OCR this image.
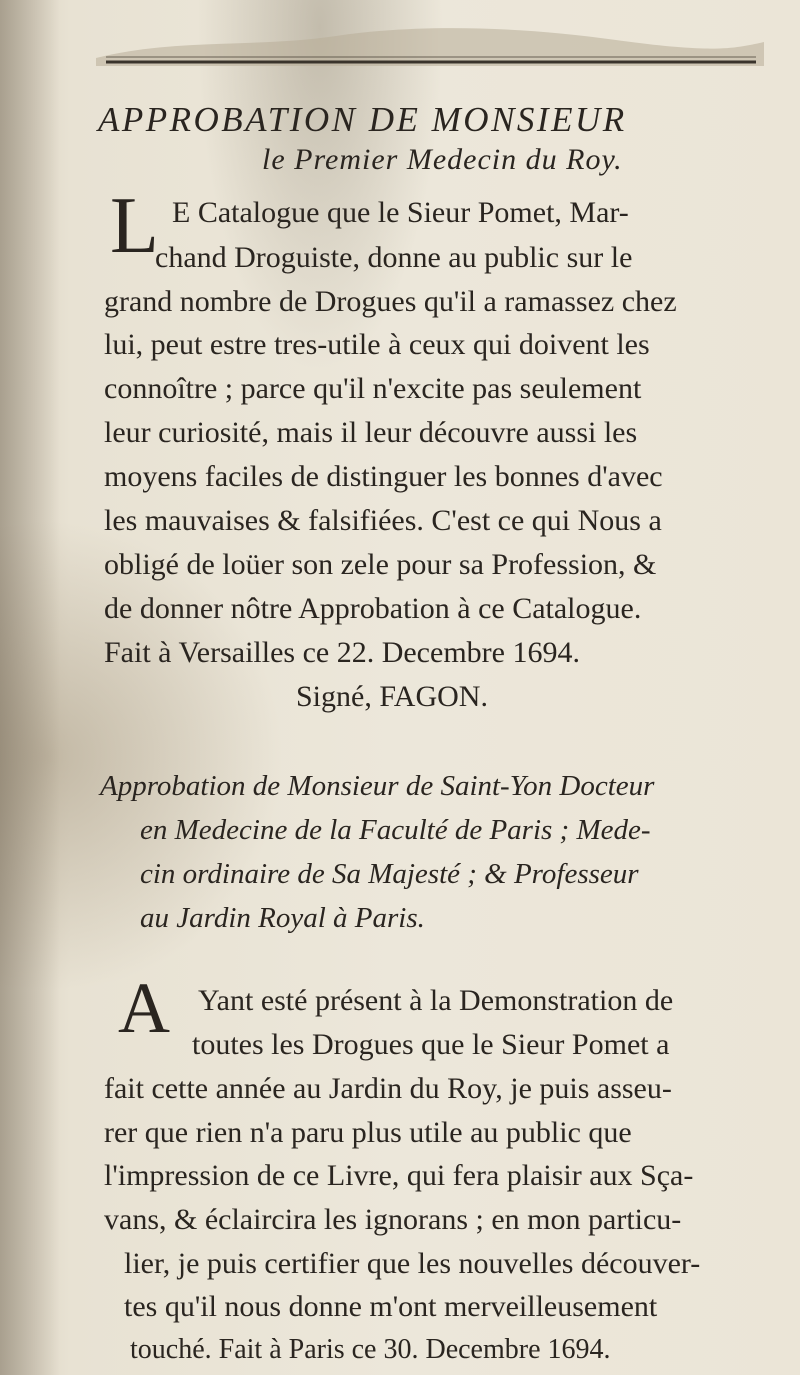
APPROBATION DE MONSIEUR
le Premier Medecin du Roy.
L E Catalogue que le Sieur Pomet, Mar-
chand Droguiste, donne au public sur le
grand nombre de Drogues qu'il a ramassez chez
lui, peut estre tres-utile à ceux qui doivent les
connoître ; parce qu'il n'excite pas seulement
leur curiosité, mais il leur découvre aussi les
moyens faciles de distinguer les bonnes d'avec
les mauvaises & falsifiées. C'est ce qui Nous a
obligé de loüer son zele pour sa Profession, &
de donner nôtre Approbation à ce Catalogue.
Fait à Versailles ce 22. Decembre 1694.
Signé, FAGON.
Approbation de Monsieur de Saint-Yon Docteur
en Medecine de la Faculté de Paris ; Mede-
cin ordinaire de Sa Majesté ; & Professeur
au Jardin Royal à Paris.
A Yant esté présent à la Demonstration de
toutes les Drogues que le Sieur Pomet a
fait cette année au Jardin du Roy, je puis asseu-
rer que rien n'a paru plus utile au public que
l'impression de ce Livre, qui fera plaisir aux Sça-
vans, & éclaircira les ignorans ; en mon particu-
lier, je puis certifier que les nouvelles découver-
tes qu'il nous donne m'ont merveilleusement
touché. Fait à Paris ce 30. Decembre 1694.
